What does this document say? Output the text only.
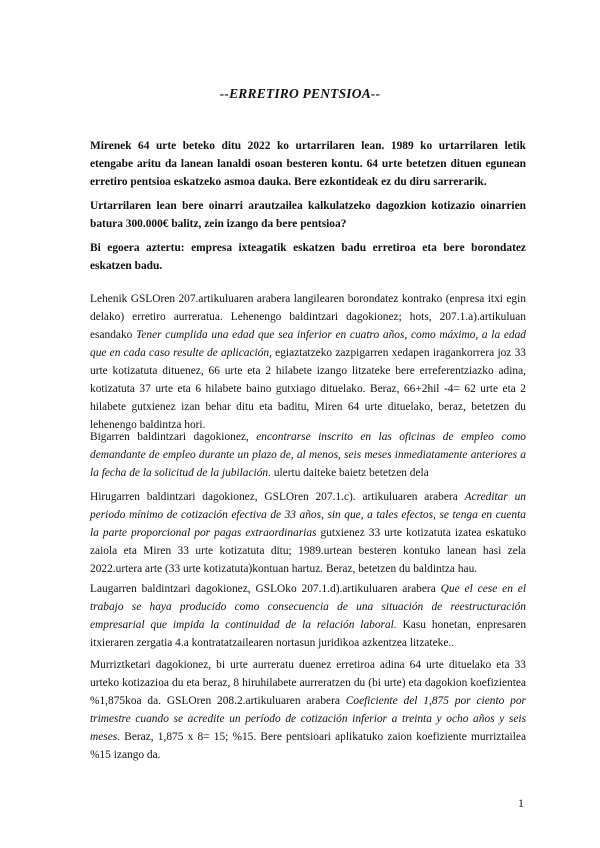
--ERRETIRO PENTSIOA--

Mirenek 64 urte beteko ditu 2022 ko urtarrilaren lean. 1989 ko urtarrilaren letik etengabe aritu da lanean lanaldi osoan besteren kontu. 64 urte betetzen dituen egunean erretiro pentsioa eskatzeko asmoa dauka. Bere ezkontideak ez du diru sarrerarik.

Urtarrilaren lean bere oinarri arautzailea kalkulatzeko dagozkion kotizazio oinarrien batura 300.000€ balitz, zein izango da bere pentsioa?

Bi egoera aztertu: empresa ixteagatik eskatzen badu erretiroa eta bere borondatez eskatzen badu.

Lehenik GSLOren 207.artikuluaren arabera langilearen borondatez kontrako (enpresa itxi egin delako) erretiro aurreratua. Lehenengo baldintzari dagokionez; hots, 207.1.a).artikuluan esandako Tener cumplida una edad que sea inferior en cuatro años, como máximo, a la edad que en cada caso resulte de aplicación, egiaztatzeko zazpigarren xedapen iragankorrera joz 33 urte kotizatuta dituenez, 66 urte eta 2 hilabete izango litzateke bere erreferentziazko adina, kotizatuta 37 urte eta 6 hilabete baino gutxiago dituelako. Beraz, 66+2hil -4= 62 urte eta 2 hilabete gutxienez izan behar ditu eta baditu, Miren 64 urte dituelako, beraz, betetzen du lehenengo baldintza hori.

Bigarren baldintzari dagokionez, encontrarse inscrito en las oficinas de empleo como demandante de empleo durante un plazo de, al menos, seis meses inmediatamente anteriores a la fecha de la solicitud de la jubilación. ulertu daiteke baietz betetzen dela

Hirugarren baldintzari dagokionez, GSLOren 207.1.c). artikuluaren arabera Acreditar un periodo mínimo de cotización efectiva de 33 años, sin que, a tales efectos, se tenga en cuenta la parte proporcional por pagas extraordinarias gutxienez 33 urte kotizatuta izatea eskatuko zaiola eta Miren 33 urte kotizatuta ditu; 1989.urtean besteren kontuko lanean hasi zela 2022.urtera arte (33 urte kotizatuta)kontuan hartuz. Beraz, betetzen du baldintza hau.

Laugarren baldintzari dagokionez, GSLOko 207.1.d).artikuluaren arabera Que el cese en el trabajo se haya producido como consecuencia de una situación de reestructuración empresarial que impida la continuidad de la relación laboral. Kasu honetan, enpresaren itxieraren zergatia 4.a kontratatzailearen nortasun juridikoa azkentzea litzateke..

Murriztketari dagokionez, bi urte aurreratu duenez erretiroa adina 64 urte dituelako eta 33 urteko kotizazioa du eta beraz, 8 hiruhilabete aurreratzen du (bi urte) eta dagokion koefizientea %1,875koa da. GSLOren 208.2.artikuluaren arabera Coeficiente del 1,875 por ciento por trimestre cuando se acredite un período de cotización inferior a treinta y ocho años y seis meses. Beraz, 1,875 x 8= 15; %15. Bere pentsioari aplikatuko zaion koefiziente murriztailea %15 izango da.

1
